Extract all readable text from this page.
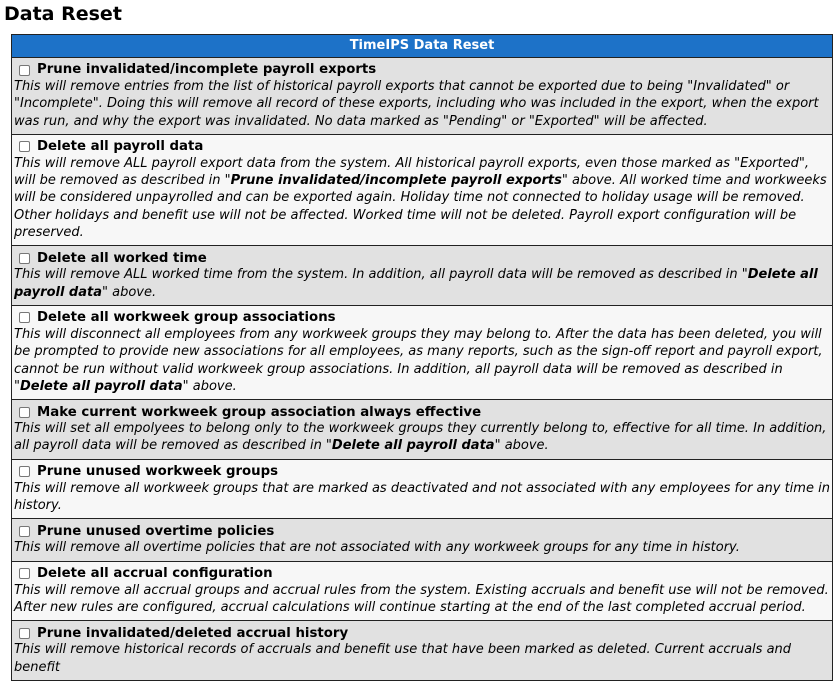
Data Reset
TimeIPS Data Reset
Prune invalidated/incomplete payroll exports
This will remove entries from the list of historical payroll exports that cannot be exported due to being "Invalidated" or "Incomplete". Doing this will remove all record of these exports, including who was included in the export, when the export was run, and why the export was invalidated. No data marked as "Pending" or "Exported" will be affected.
Delete all payroll data
This will remove ALL payroll export data from the system. All historical payroll exports, even those marked as "Exported", will be removed as described in "Prune invalidated/incomplete payroll exports" above. All worked time and workweeks will be considered unpayrolled and can be exported again. Holiday time not connected to holiday usage will be removed. Other holidays and benefit use will not be affected. Worked time will not be deleted. Payroll export configuration will be preserved.
Delete all worked time
This will remove ALL worked time from the system. In addition, all payroll data will be removed as described in "Delete all payroll data" above.
Delete all workweek group associations
This will disconnect all employees from any workweek groups they may belong to. After the data has been deleted, you will be prompted to provide new associations for all employees, as many reports, such as the sign-off report and payroll export, cannot be run without valid workweek group associations. In addition, all payroll data will be removed as described in "Delete all payroll data" above.
Make current workweek group association always effective
This will set all empolyees to belong only to the workweek groups they currently belong to, effective for all time. In addition, all payroll data will be removed as described in "Delete all payroll data" above.
Prune unused workweek groups
This will remove all workweek groups that are marked as deactivated and not associated with any employees for any time in history.
Prune unused overtime policies
This will remove all overtime policies that are not associated with any workweek groups for any time in history.
Delete all accrual configuration
This will remove all accrual groups and accrual rules from the system. Existing accruals and benefit use will not be removed. After new rules are configured, accrual calculations will continue starting at the end of the last completed accrual period.
Prune invalidated/deleted accrual history
This will remove historical records of accruals and benefit use that have been marked as deleted. Current accruals and benefit
